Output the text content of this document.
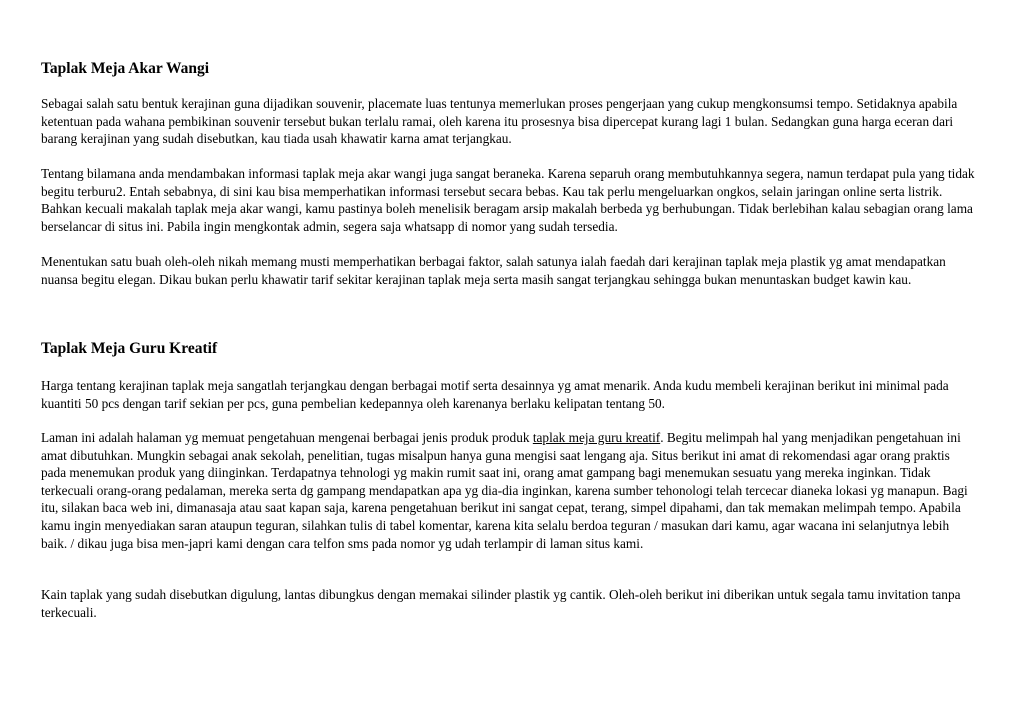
Taplak Meja Akar Wangi

Sebagai salah satu bentuk kerajinan guna dijadikan souvenir, placemate luas tentunya memerlukan proses pengerjaan yang cukup mengkonsumsi tempo. Setidaknya apabila ketentuan pada wahana pembikinan souvenir tersebut bukan terlalu ramai, oleh karena itu prosesnya bisa dipercepat kurang lagi 1 bulan. Sedangkan guna harga eceran dari barang kerajinan yang sudah disebutkan, kau tiada usah khawatir karna amat terjangkau.

Tentang bilamana anda mendambakan informasi taplak meja akar wangi juga sangat beraneka. Karena separuh orang membutuhkannya segera, namun terdapat pula yang tidak begitu terburu2. Entah sebabnya, di sini kau bisa memperhatikan informasi tersebut secara bebas. Kau tak perlu mengeluarkan ongkos, selain jaringan online serta listrik. Bahkan kecuali makalah taplak meja akar wangi, kamu pastinya boleh menelisik beragam arsip makalah berbeda yg berhubungan. Tidak berlebihan kalau sebagian orang lama berselancar di situs ini. Pabila ingin mengkontak admin, segera saja whatsapp di nomor yang sudah tersedia.

Menentukan satu buah oleh-oleh nikah memang musti memperhatikan berbagai faktor, salah satunya ialah faedah dari kerajinan taplak meja plastik yg amat mendapatkan nuansa begitu elegan. Dikau bukan perlu khawatir tarif sekitar kerajinan taplak meja serta masih sangat terjangkau sehingga bukan menuntaskan budget kawin kau.

Taplak Meja Guru Kreatif

Harga tentang kerajinan taplak meja sangatlah terjangkau dengan berbagai motif serta desainnya yg amat menarik. Anda kudu membeli kerajinan berikut ini minimal pada kuantiti 50 pcs dengan tarif sekian per pcs, guna pembelian kedepannya oleh karenanya berlaku kelipatan tentang 50.

Laman ini adalah halaman yg memuat pengetahuan mengenai berbagai jenis produk produk taplak meja guru kreatif. Begitu melimpah hal yang menjadikan pengetahuan ini amat dibutuhkan. Mungkin sebagai anak sekolah, penelitian, tugas misalpun hanya guna mengisi saat lengang aja. Situs berikut ini amat di rekomendasi agar orang praktis pada menemukan produk yang diinginkan. Terdapatnya tehnologi yg makin rumit saat ini, orang amat gampang bagi menemukan sesuatu yang mereka inginkan. Tidak terkecuali orang-orang pedalaman, mereka serta dg gampang mendapatkan apa yg dia-dia inginkan, karena sumber tehonologi telah tercecar dianeka lokasi yg manapun. Bagi itu, silakan baca web ini, dimanasaja atau saat kapan saja, karena pengetahuan berikut ini sangat cepat, terang, simpel dipahami, dan tak memakan melimpah tempo. Apabila kamu ingin menyediakan saran ataupun teguran, silahkan tulis di tabel komentar, karena kita selalu berdoa teguran / masukan dari kamu, agar wacana ini selanjutnya lebih baik. / dikau juga bisa men-japri kami dengan cara telfon sms pada nomor yg udah terlampir di laman situs kami.

Kain taplak yang sudah disebutkan digulung, lantas dibungkus dengan memakai silinder plastik yg cantik. Oleh-oleh berikut ini diberikan untuk segala tamu invitation tanpa terkecuali.
